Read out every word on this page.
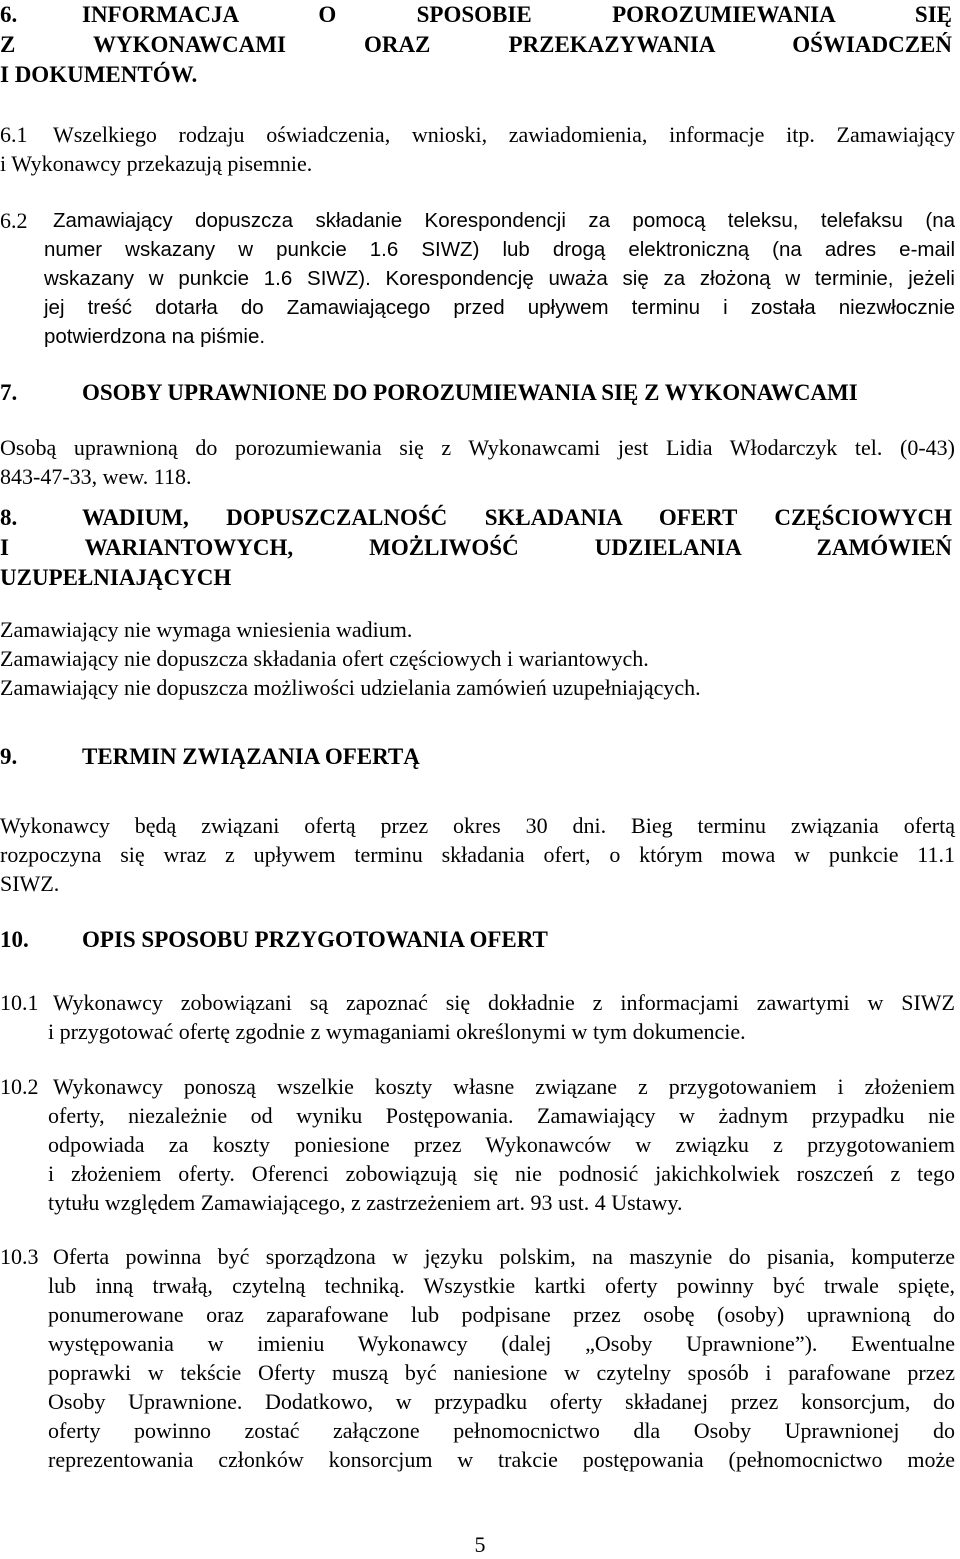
6.	INFORMACJA O SPOSOBIE POROZUMIEWANIA SIĘ
Z WYKONAWCAMI ORAZ PRZEKAZYWANIA OŚWIADCZEŃ
I DOKUMENTÓW.
6.1	Wszelkiego rodzaju oświadczenia, wnioski, zawiadomienia, informacje itp. Zamawiający
i Wykonawcy przekazują pisemnie.
6.2	Zamawiający dopuszcza składanie Korespondencji za pomocą teleksu, telefaksu (na
numer wskazany w punkcie 1.6 SIWZ) lub drogą elektroniczną (na adres e-mail
wskazany w punkcie 1.6 SIWZ). Korespondencję uważa się za złożoną w terminie, jeżeli
jej treść dotarła do Zamawiającego przed upływem terminu i została niezwłocznie
potwierdzona na piśmie.
7.	OSOBY UPRAWNIONE DO POROZUMIEWANIA SIĘ Z WYKONAWCAMI
Osobą uprawnioną do porozumiewania się z Wykonawcami jest Lidia Włodarczyk tel. (0-43)
843-47-33, wew. 118.
8.	WADIUM, DOPUSZCZALNOŚĆ SKŁADANIA OFERT CZĘŚCIOWYCH
I WARIANTOWYCH, MOŻLIWOŚĆ UDZIELANIA ZAMÓWIEŃ
UZUPEŁNIAJĄCYCH
Zamawiający nie wymaga wniesienia wadium.
Zamawiający nie dopuszcza składania ofert częściowych i wariantowych.
Zamawiający nie dopuszcza możliwości udzielania zamówień uzupełniających.
9.	TERMIN ZWIĄZANIA OFERTĄ
Wykonawcy będą związani ofertą przez okres 30 dni. Bieg terminu związania ofertą
rozpoczyna się wraz z upływem terminu składania ofert, o którym mowa w punkcie 11.1
SIWZ.
10. OPIS SPOSOBU PRZYGOTOWANIA OFERT
10.1 Wykonawcy zobowiązani są zapoznać się dokładnie z informacjami zawartymi w SIWZ
i przygotować ofertę zgodnie z wymaganiami określonymi w tym dokumencie.
10.2 Wykonawcy ponoszą wszelkie koszty własne związane z przygotowaniem i złożeniem
oferty, niezależnie od wyniku Postępowania. Zamawiający w żadnym przypadku nie
odpowiada za koszty poniesione przez Wykonawców w związku z przygotowaniem
i złożeniem oferty. Oferenci zobowiązują się nie podnosić jakichkolwiek roszczeń z tego
tytułu względem Zamawiającego, z zastrzeżeniem art. 93 ust. 4 Ustawy.
10.3 Oferta powinna być sporządzona w języku polskim, na maszynie do pisania, komputerze
lub inną trwałą, czytelną techniką. Wszystkie kartki oferty powinny być trwale spięte,
ponumerowane oraz zaparafowane lub podpisane przez osobę (osoby) uprawnioną do
występowania w imieniu Wykonawcy (dalej „Osoby Uprawnione”). Ewentualne
poprawki w tekście Oferty muszą być naniesione w czytelny sposób i parafowane przez
Osoby Uprawnione. Dodatkowo, w przypadku oferty składanej przez konsorcjum, do
oferty powinno zostać załączone pełnomocnictwo dla Osoby Uprawnionej do
reprezentowania członków konsorcjum w trakcie postępowania (pełnomocnictwo może
5
